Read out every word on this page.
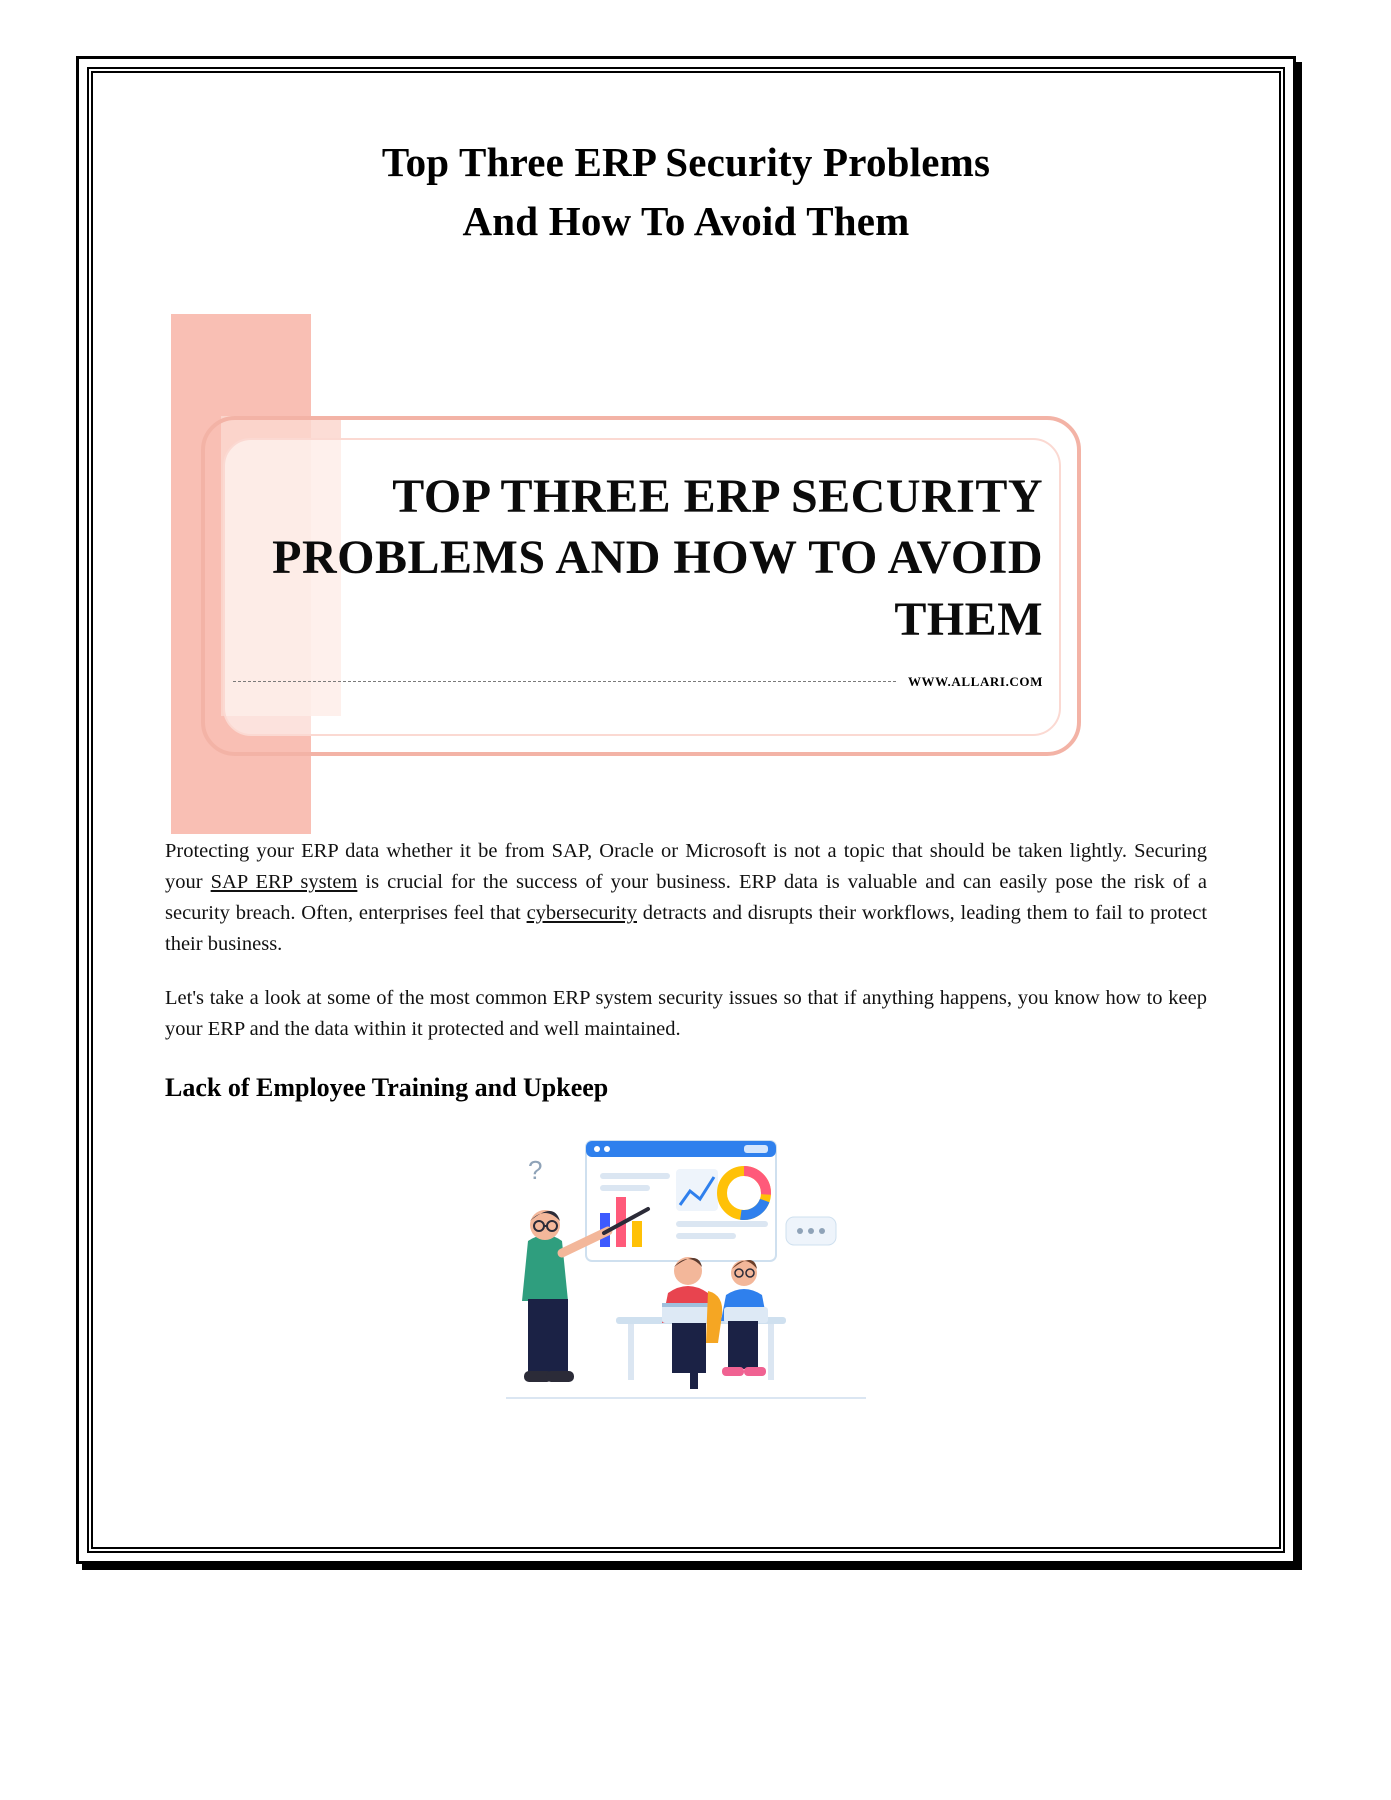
Top Three ERP Security Problems
And How To Avoid Them
TOP THREE ERP SECURITY PROBLEMS AND HOW TO AVOID THEM
WWW.ALLARI.COM

Protecting your ERP data whether it be from SAP, Oracle or Microsoft is not a topic that should be taken lightly. Securing your SAP ERP system is crucial for the success of your business. ERP data is valuable and can easily pose the risk of a security breach. Often, enterprises feel that cybersecurity detracts and disrupts their workflows, leading them to fail to protect their business.

Let's take a look at some of the most common ERP system security issues so that if anything happens, you know how to keep your ERP and the data within it protected and well maintained.

Lack of Employee Training and Upkeep
?
